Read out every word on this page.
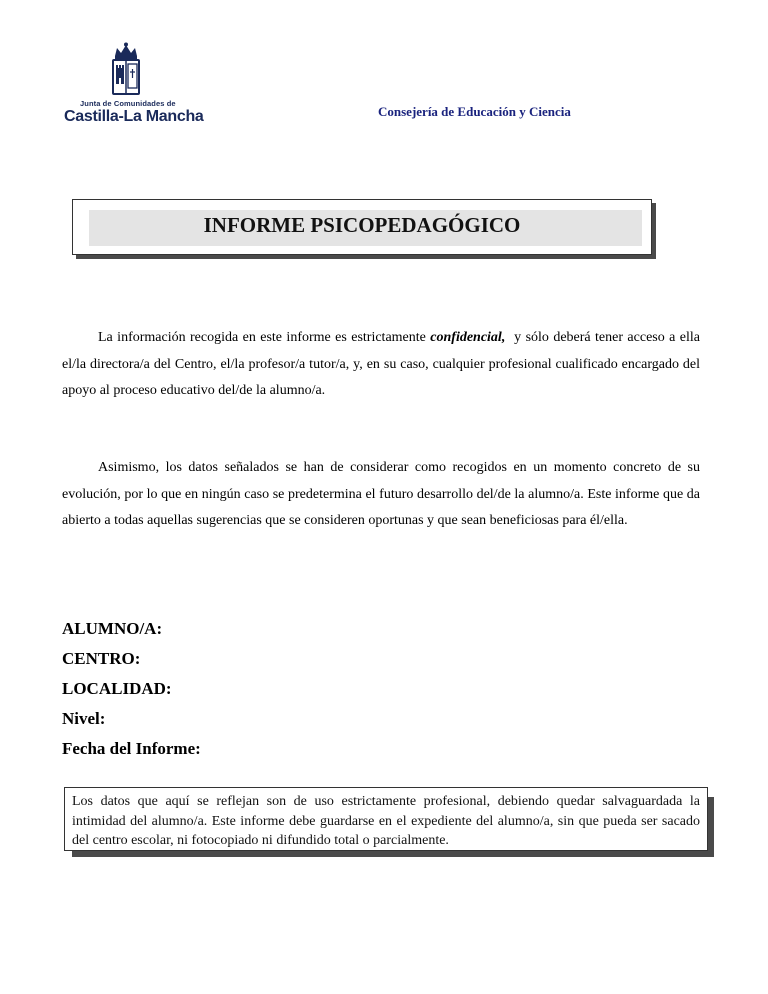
Junta de Comunidades de
Castilla-La Mancha	Consejería de Educación y Ciencia
INFORME PSICOPEDAGÓGICO
La información recogida en este informe es estrictamente confidencial,  y sólo deberá tener acceso a ella el/la directora/a del Centro, el/la profesor/a tutor/a, y, en su caso, cualquier profesional cualificado encargado del apoyo al proceso educativo del/de la alumno/a.
Asimismo, los datos señalados se han de considerar como recogidos en un momento concreto de su evolución, por lo que en ningún caso se predetermina el futuro desarrollo del/de la alumno/a. Este informe que da abierto a todas aquellas sugerencias que se consideren oportunas y que sean beneficiosas para él/ella.
ALUMNO/A:
CENTRO:
LOCALIDAD:
Nivel:
Fecha del Informe:
Los datos que aquí se reflejan son de uso estrictamente profesional, debiendo quedar salvaguardada la intimidad del alumno/a. Este informe debe guardarse en el expediente del alumno/a, sin que pueda ser sacado del centro escolar, ni fotocopiado ni difundido total o parcialmente.
